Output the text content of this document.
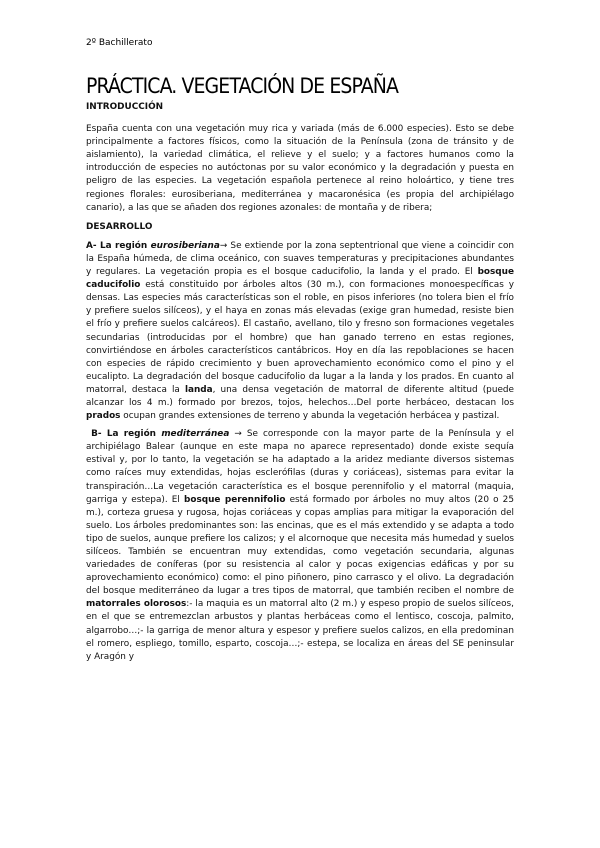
2º Bachillerato
PRÁCTICA. VEGETACIÓN DE ESPAÑA

INTRODUCCIÓN

España cuenta con una vegetación muy rica y variada (más de 6.000 especies). Esto se debe principalmente a factores físicos, como la situación de la Península (zona de tránsito y de aislamiento), la variedad climática, el relieve y el suelo; y a factores humanos como la introducción de especies no autóctonas por su valor económico y la degradación y puesta en peligro de las especies. La vegetación española pertenece al reino holoártico, y tiene tres regiones florales: eurosiberiana, mediterránea y macaronésica (es propia del archipiélago canario), a las que se añaden dos regiones azonales: de montaña y de ribera;

DESARROLLO

A- La región eurosiberiana→ Se extiende por la zona septentrional que viene a coincidir con la España húmeda, de clima oceánico, con suaves temperaturas y precipitaciones abundantes y regulares. La vegetación propia es el bosque caducifolio, la landa y el prado. El bosque caducifolio está constituido por árboles altos (30 m.), con formaciones monoespecíficas y densas. Las especies más características son el roble, en pisos inferiores (no tolera bien el frío y prefiere suelos silíceos), y el haya en zonas más elevadas (exige gran humedad, resiste bien el frío y prefiere suelos calcáreos). El castaño, avellano, tilo y fresno son formaciones vegetales secundarias (introducidas por el hombre) que han ganado terreno en estas regiones, convirtiéndose en árboles característicos cantábricos. Hoy en día las repoblaciones se hacen con especies de rápido crecimiento y buen aprovechamiento económico como el pino y el eucalipto. La degradación del bosque caducifolio da lugar a la landa y los prados. En cuanto al matorral, destaca la landa, una densa vegetación de matorral de diferente altitud (puede alcanzar los 4 m.) formado por brezos, tojos, helechos…Del porte herbáceo, destacan los prados ocupan grandes extensiones de terreno y abunda la vegetación herbácea y pastizal.

B- La región mediterránea → Se corresponde con la mayor parte de la Península y el archipiélago Balear (aunque en este mapa no aparece representado) donde existe sequía estival y, por lo tanto, la vegetación se ha adaptado a la aridez mediante diversos sistemas como raíces muy extendidas, hojas esclerófilas (duras y coriáceas), sistemas para evitar la transpiración…La vegetación característica es el bosque perennifolio y el matorral (maquia, garriga y estepa). El bosque perennifolio está formado por árboles no muy altos (20 o 25 m.), corteza gruesa y rugosa, hojas coriáceas y copas amplias para mitigar la evaporación del suelo. Los árboles predominantes son: las encinas, que es el más extendido y se adapta a todo tipo de suelos, aunque prefiere los calizos; y el alcornoque que necesita más humedad y suelos silíceos. También se encuentran muy extendidas, como vegetación secundaria, algunas variedades de coníferas (por su resistencia al calor y pocas exigencias edáficas y por su aprovechamiento económico) como: el pino piñonero, pino carrasco y el olivo. La degradación del bosque mediterráneo da lugar a tres tipos de matorral, que también reciben el nombre de matorrales olorosos:- la maquia es un matorral alto (2 m.) y espeso propio de suelos silíceos, en el que se entremezclan arbustos y plantas herbáceas como el lentisco, coscoja, palmito, algarrobo…;- la garriga de menor altura y espesor y prefiere suelos calizos, en ella predominan el romero, espliego, tomillo, esparto, coscoja…;- estepa, se localiza en áreas del SE peninsular y Aragón y
